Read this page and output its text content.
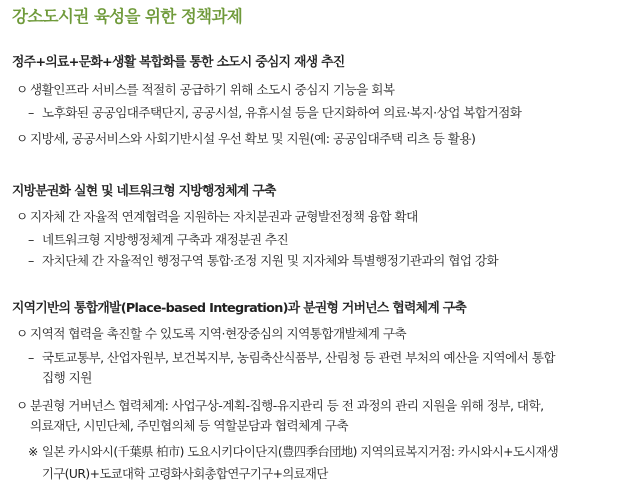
강소도시권 육성을 위한 정책과제
정주+의료+문화+생활 복합화를 통한 소도시 중심지 재생 추진
ㅇ 생활인프라 서비스를 적절히 공급하기 위해 소도시 중심지 기능을 회복
– 노후화된 공공임대주택단지, 공공시설, 유휴시설 등을 단지화하여 의료·복지·상업 복합거점화
ㅇ 지방세, 공공서비스와 사회기반시설 우선 확보 및 지원(예: 공공임대주택 리츠 등 활용)
지방분권화 실현 및 네트워크형 지방행정체계 구축
ㅇ 지자체 간 자율적 연계협력을 지원하는 자치분권과 균형발전정책 융합 확대
– 네트워크형 지방행정체계 구축과 재정분권 추진
– 자치단체 간 자율적인 행정구역 통합·조정 지원 및 지자체와 특별행정기관과의 협업 강화
지역기반의 통합개발(Place-based Integration)과 분권형 거버넌스 협력체계 구축
ㅇ 지역적 협력을 촉진할 수 있도록 지역·현장중심의 지역통합개발체계 구축
– 국토교통부, 산업자원부, 보건복지부, 농림축산식품부, 산림청 등 관련 부처의 예산을 지역에서 통합
집행 지원
ㅇ 분권형 거버넌스 협력체계: 사업구상-계획-집행-유지관리 등 전 과정의 관리 지원을 위해 정부, 대학,
의료재단, 시민단체, 주민협의체 등 역할분담과 협력체계 구축
※ 일본 카시와시(千葉県 柏市) 도요시키다이단지(豊四季台団地) 지역의료복지거점: 카시와시+도시재생
기구(UR)+도쿄대학 고령화사회총합연구기구+의료재단
